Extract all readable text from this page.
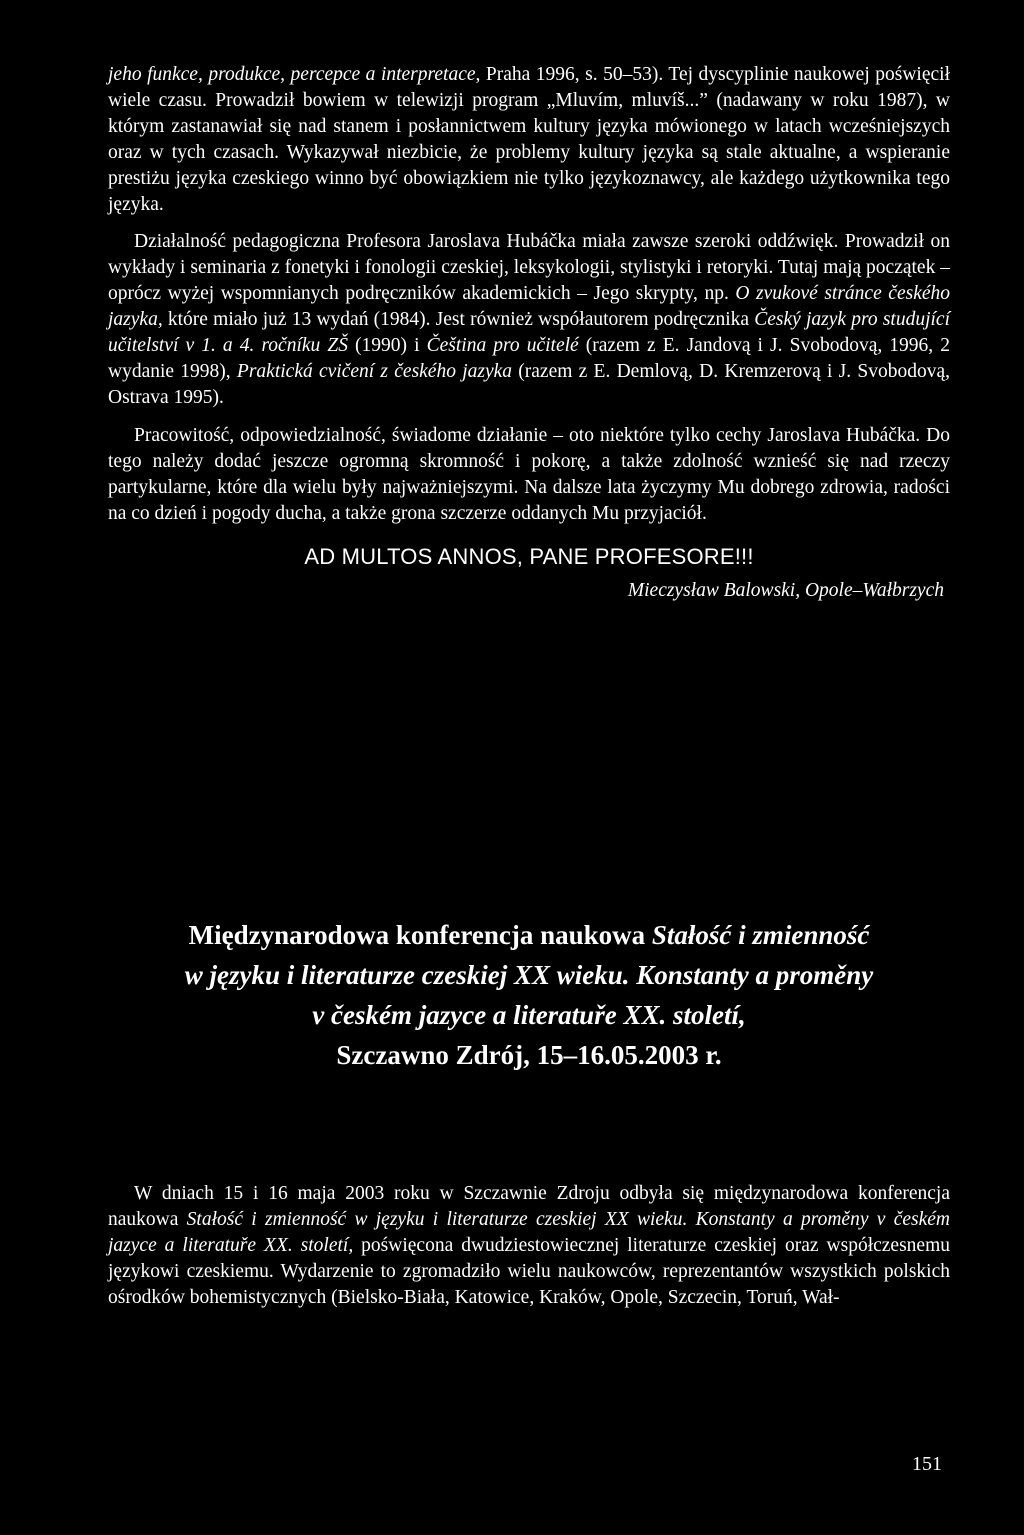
jeho funkce, produkce, percepce a interpretace, Praha 1996, s. 50–53). Tej dyscyplinie naukowej poświęcił wiele czasu. Prowadził bowiem w telewizji program „Mluvím, mluvíš...” (nadawany w roku 1987), w którym zastanawiał się nad stanem i posłannictwem kultury języka mówionego w latach wcześniejszych oraz w tych czasach. Wykazywał niezbicie, że problemy kultury języka są stale aktualne, a wspieranie prestiżu języka czeskiego winno być obowiązkiem nie tylko językoznawcy, ale każdego użytkownika tego języka.

Działalność pedagogiczna Profesora Jaroslava Hubáčka miała zawsze szeroki oddźwięk. Prowadził on wykłady i seminaria z fonetyki i fonologii czeskiej, leksykologii, stylistyki i retoryki. Tutaj mają początek – oprócz wyżej wspomnianych podręczników akademickich – Jego skrypty, np. O zvukové stránce českého jazyka, które miało już 13 wydań (1984). Jest również współautorem podręcznika Český jazyk pro studující učitelství v 1. a 4. ročníku ZŠ (1990) i Čeština pro učitelé (razem z E. Jandovą i J. Svobodovą, 1996, 2 wydanie 1998), Praktická cvičení z českého jazyka (razem z E. Demlovą, D. Kremzerovą i J. Svobodovą, Ostrava 1995).

Pracowitość, odpowiedzialność, świadome działanie – oto niektóre tylko cechy Jaroslava Hubáčka. Do tego należy dodać jeszcze ogromną skromność i pokorę, a także zdolność wznieść się nad rzeczy partykularne, które dla wielu były najważniejszymi. Na dalsze lata życzymy Mu dobrego zdrowia, radości na co dzień i pogody ducha, a także grona szczerze oddanych Mu przyjaciół.

AD MULTOS ANNOS, PANE PROFESORE!!!
Mieczysław Balowski, Opole–Wałbrzych
Międzynarodowa konferencja naukowa Stałość i zmienność
w języku i literaturze czeskiej XX wieku. Konstanty a proměny
v českém jazyce a literatuře XX. století,
Szczawno Zdrój, 15–16.05.2003 r.

W dniach 15 i 16 maja 2003 roku w Szczawnie Zdroju odbyła się międzynarodowa konferencja naukowa Stałość i zmienność w języku i literaturze czeskiej XX wieku. Konstanty a proměny v českém jazyce a literatuře XX. století, poświęcona dwudziestowiecznej literaturze czeskiej oraz współczesnemu językowi czeskiemu. Wydarzenie to zgromadziło wielu naukowców, reprezentantów wszystkich polskich ośrodków bohemistycznych (Bielsko-Biała, Katowice, Kraków, Opole, Szczecin, Toruń, Wał-

151
